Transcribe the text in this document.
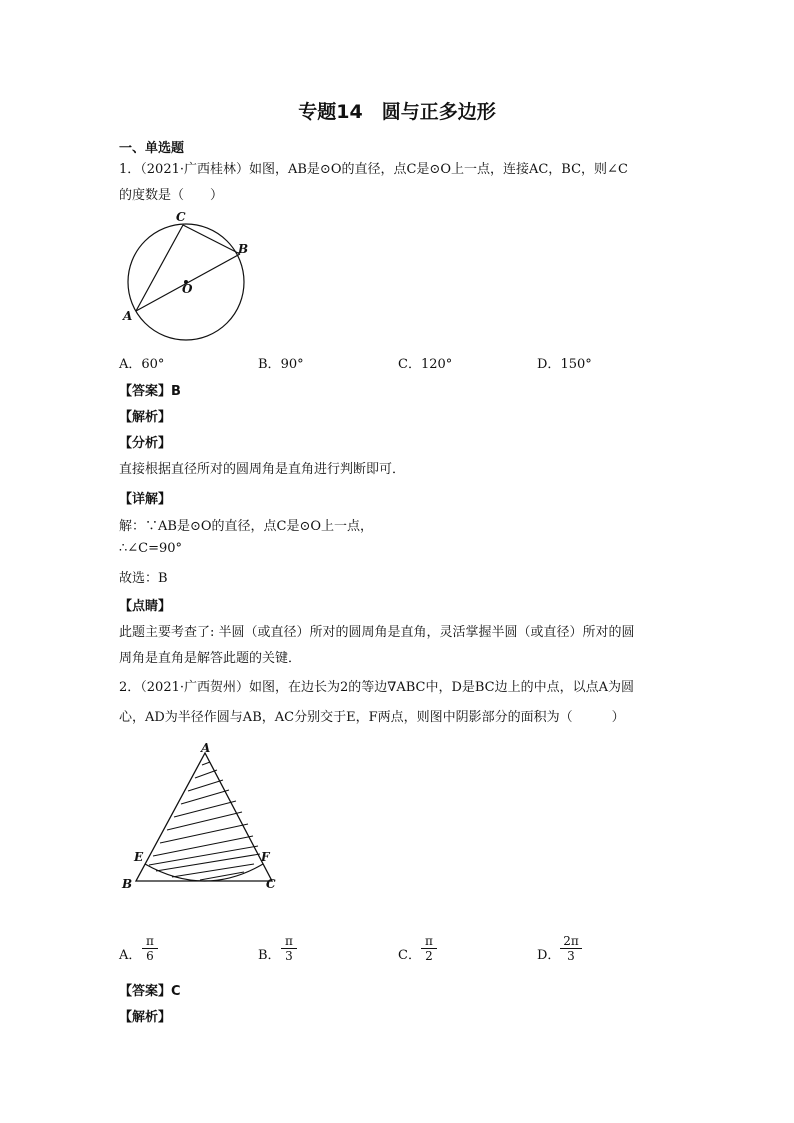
专题14　圆与正多边形
一、单选题
1．（2021·广西桂林）如图，AB是⊙O的直径，点C是⊙O上一点，连接AC，BC，则∠C
的度数是（　　）
C
B
O
A
A．60°	B．90°	C．120°	D．150°
【答案】B
【解析】
【分析】
直接根据直径所对的圆周角是直角进行判断即可．
【详解】
解：∵AB是⊙O的直径，点C是⊙O上一点，
∴∠C=90°
故选：B
【点睛】
此题主要考查了: 半圆（或直径）所对的圆周角是直角，灵活掌握半圆（或直径）所对的圆
周角是直角是解答此题的关键．
2．（2021·广西贺州）如图，在边长为2的等边∇ABC中，D是BC边上的中点，以点A为圆
心，AD为半径作圆与AB，AC分别交于E，F两点，则图中阴影部分的面积为（　　　）
A
E	F
B	C
A． $\frac{\pi}{6}$	B． $\frac{\pi}{3}$	C． $\frac{\pi}{2}$	D． $\frac{2\pi}{3}$
【答案】C
【解析】
